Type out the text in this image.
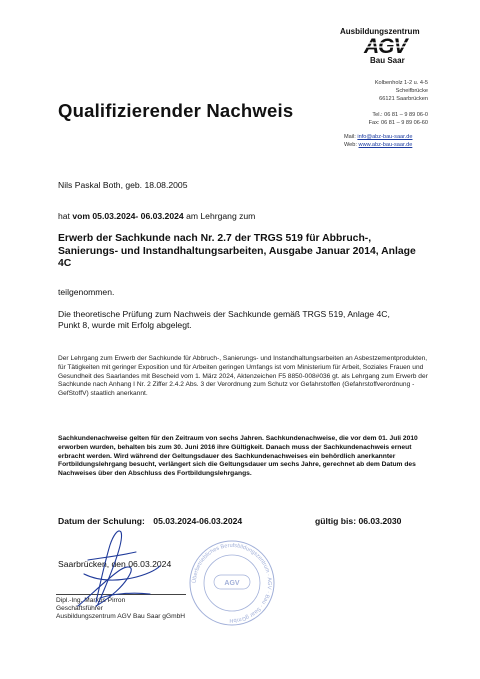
Ausbildungszentrum
AGV
Bau Saar
Kolbenholz 1-2 u. 4-5
Scheifbrücke
66121 Saarbrücken
Tel.: 06 81 – 9 89 06-0
Fax: 06 81 – 9 89 06-60
Mail: info@abz-bau-saar.de
Web: www.abz-bau-saar.de
Qualifizierender Nachweis
Nils Paskal Both, geb. 18.08.2005
hat vom 05.03.2024- 06.03.2024 am Lehrgang zum
Erwerb der Sachkunde nach Nr. 2.7 der TRGS 519 für Abbruch-, Sanierungs- und Instandhaltungsarbeiten, Ausgabe Januar 2014, Anlage 4C
teilgenommen.
Die theoretische Prüfung zum Nachweis der Sachkunde gemäß TRGS 519, Anlage 4C, Punkt 8, wurde mit Erfolg abgelegt.
Der Lehrgang zum Erwerb der Sachkunde für Abbruch-, Sanierungs- und Instandhaltungsarbeiten an Asbestzementprodukten, für Tätigkeiten mit geringer Exposition und für Arbeiten geringen Umfangs ist vom Ministerium für Arbeit, Soziales Frauen und Gesundheit des Saarlandes mit Bescheid vom 1. März 2024, Aktenzeichen F5 8850-008#036 gt. als Lehrgang zum Erwerb der Sachkunde nach Anhang I Nr. 2 Ziffer 2.4.2 Abs. 3 der Verordnung zum Schutz vor Gefahrstoffen (Gefahrstoffverordnung - GefStoffV) staatlich anerkannt.
Sachkundenachweise gelten für den Zeitraum von sechs Jahren. Sachkundenachweise, die vor dem 01. Juli 2010 erworben wurden, behalten bis zum 30. Juni 2016 ihre Gültigkeit. Danach muss der Sachkundenachweis erneut erbracht werden. Wird während der Geltungsdauer des Sachkundenachweises ein behördlich anerkannter Fortbildungslehrgang besucht, verlängert sich die Geltungsdauer um sechs Jahre, gerechnet ab dem Datum des Nachweises über den Abschluss des Fortbildungslehrgangs.
Datum der Schulung: 05.03.2024-06.03.2024	gültig bis: 06.03.2030
Saarbrücken, den 06.03.2024
Dipl.-Ing. Markus Pirron
Geschäftsführer
Ausbildungszentrum AGV Bau Saar gGmbH
Überbetriebliches Berufsbildungszentrum · AGV · Bau · Saar gGmbH
AGV
